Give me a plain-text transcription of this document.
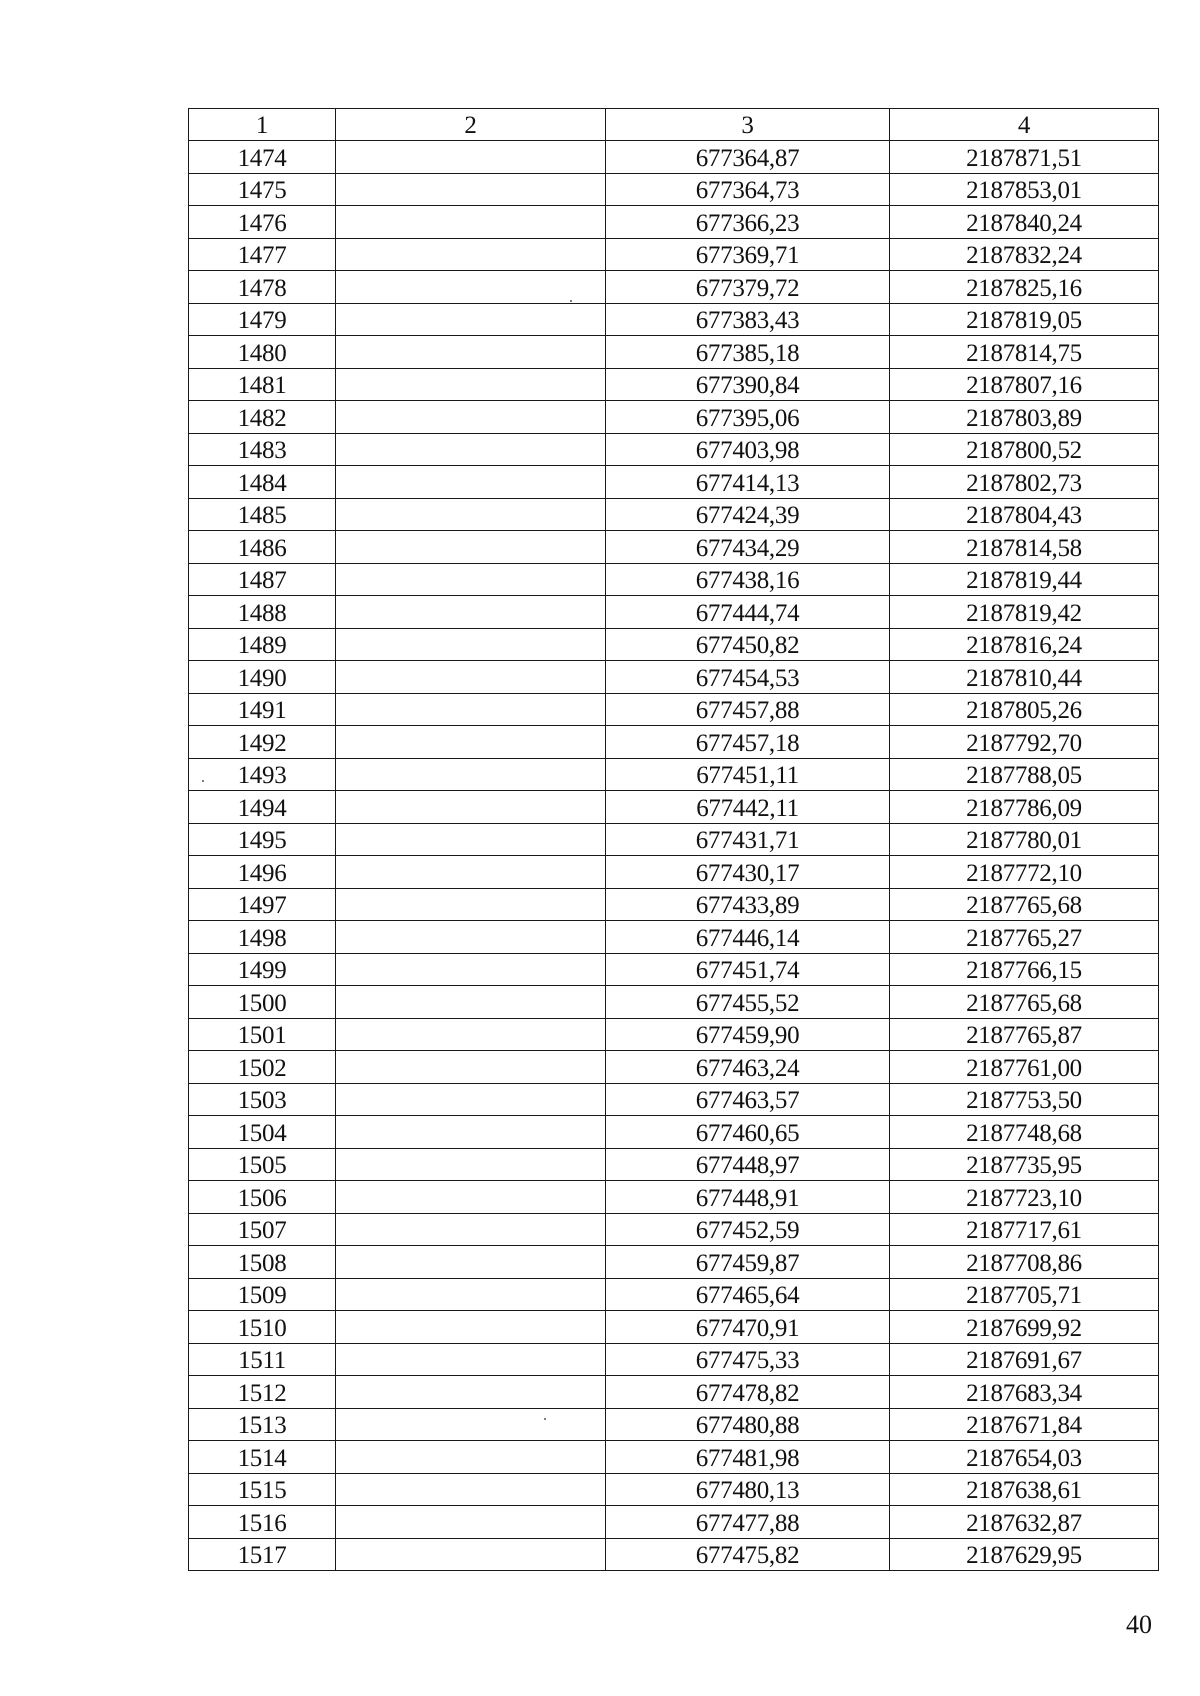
1	2	3	4
1474		677364,87	2187871,51
1475		677364,73	2187853,01
1476		677366,23	2187840,24
1477		677369,71	2187832,24
1478		677379,72	2187825,16
1479		677383,43	2187819,05
1480		677385,18	2187814,75
1481		677390,84	2187807,16
1482		677395,06	2187803,89
1483		677403,98	2187800,52
1484		677414,13	2187802,73
1485		677424,39	2187804,43
1486		677434,29	2187814,58
1487		677438,16	2187819,44
1488		677444,74	2187819,42
1489		677450,82	2187816,24
1490		677454,53	2187810,44
1491		677457,88	2187805,26
1492		677457,18	2187792,70
1493		677451,11	2187788,05
1494		677442,11	2187786,09
1495		677431,71	2187780,01
1496		677430,17	2187772,10
1497		677433,89	2187765,68
1498		677446,14	2187765,27
1499		677451,74	2187766,15
1500		677455,52	2187765,68
1501		677459,90	2187765,87
1502		677463,24	2187761,00
1503		677463,57	2187753,50
1504		677460,65	2187748,68
1505		677448,97	2187735,95
1506		677448,91	2187723,10
1507		677452,59	2187717,61
1508		677459,87	2187708,86
1509		677465,64	2187705,71
1510		677470,91	2187699,92
1511		677475,33	2187691,67
1512		677478,82	2187683,34
1513		677480,88	2187671,84
1514		677481,98	2187654,03
1515		677480,13	2187638,61
1516		677477,88	2187632,87
1517		677475,82	2187629,95
40
